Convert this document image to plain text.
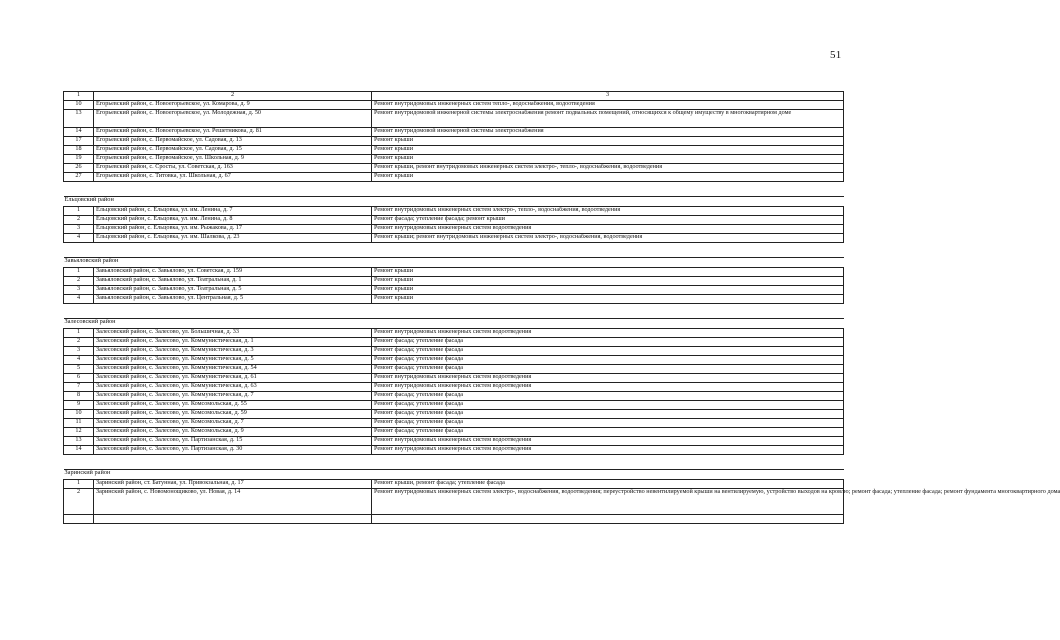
51
1	2	3
10	Егорьевский район, с. Новоегорьевское, ул. Комарова, д. 9	Ремонт внутридомовых инженерных систем тепло-, водоснабжения, водоотведения
13	Егорьевский район, с. Новоегорьевское, ул. Молодежная, д. 50	Ремонт внутридомовой инженерной системы электроснабжения ремонт подвальных помещений, относящихся к общему имуществу в многоквартирном доме
14	Егорьевский район, с. Новоегорьевское, ул. Решетникова, д. 81	Ремонт внутридомовой инженерной системы электроснабжения
17	Егорьевский район, с. Первомайское, ул. Садовая, д. 13	Ремонт крыши
18	Егорьевский район, с. Первомайское, ул. Садовая, д. 15	Ремонт крыши
19	Егорьевский район, с. Первомайское, ул. Школьная, д. 9	Ремонт крыши
26	Егорьевский район, с. Сросты, ул. Советская, д. 163	Ремонт крыши, ремонт внутридомовых инженерных систем электро-, тепло-, водоснабжения, водоотведения
27	Егорьевский район, с. Титовка, ул. Школьная, д. 67	Ремонт крыши

Ельцовский район		
1	Ельцовский район, с. Ельцовка, ул. им. Ленина, д. 7	Ремонт внутридомовых инженерных систем электро-, тепло-, водоснабжения, водоотведения
2	Ельцовский район, с. Ельцовка, ул. им. Ленина, д. 8	Ремонт фасада; утепление фасада; ремонт крыши
3	Ельцовский район, с. Ельцовка, ул. им. Рыжакова, д. 17	Ремонт внутридомовых инженерных систем водоотведения
4	Ельцовский район, с. Ельцовка, ул. им. Шалкова, д. 23	Ремонт крыши; ремонт внутридомовых инженерных систем электро-, водоснабжения, водоотведения

Завьяловский район		
1	Завьяловский район, с. Завьялово, ул. Советская, д. 159	Ремонт крыши
2	Завьяловский район, с. Завьялово, ул. Театральная, д. 1	Ремонт крыши
3	Завьяловский район, с. Завьялово, ул. Театральная, д. 5	Ремонт крыши
4	Завьяловский район, с. Завьялово, ул. Центральная, д. 5	Ремонт крыши

Залесовский район		
1	Залесовский район, с. Залесово, ул. Большичная, д. 33	Ремонт внутридомовых инженерных систем водоотведения
2	Залесовский район, с. Залесово, ул. Коммунистическая, д. 1	Ремонт фасада; утепление фасада
3	Залесовский район, с. Залесово, ул. Коммунистическая, д. 3	Ремонт фасада; утепление фасада
4	Залесовский район, с. Залесово, ул. Коммунистическая, д. 5	Ремонт фасада; утепление фасада
5	Залесовский район, с. Залесово, ул. Коммунистическая, д. 54	Ремонт фасада; утепление фасада
6	Залесовский район, с. Залесово, ул. Коммунистическая, д. 61	Ремонт внутридомовых инженерных систем водоотведения
7	Залесовский район, с. Залесово, ул. Коммунистическая, д. 63	Ремонт внутридомовых инженерных систем водоотведения
8	Залесовский район, с. Залесово, ул. Коммунистическая, д. 7	Ремонт фасада; утепление фасада
9	Залесовский район, с. Залесово, ул. Комсомольская, д. 55	Ремонт фасада; утепление фасада
10	Залесовский район, с. Залесово, ул. Комсомольская, д. 59	Ремонт фасада; утепление фасада
11	Залесовский район, с. Залесово, ул. Комсомольская, д. 7	Ремонт фасада; утепление фасада
12	Залесовский район, с. Залесово, ул. Комсомольская, д. 9	Ремонт фасада; утепление фасада
13	Залесовский район, с. Залесово, ул. Партизанская, д. 15	Ремонт внутридомовых инженерных систем водоотведения
14	Залесовский район, с. Залесово, ул. Партизанская, д. 30	Ремонт внутридомовых инженерных систем водоотведения

Заринский район		
1	Заринский район, ст. Батунная, ул. Привокзальная, д. 17	Ремонт крыши, ремонт фасада; утепление фасада
2	Заринский район, с. Новомонощиково, ул. Новая, д. 14	Ремонт внутридомовых инженерных систем электро-, водоснабжения, водоотведения; переустройство невентилируемой крыши на вентилируемую, устройство выходов на кровлю; ремонт фасада; утепление фасада; ремонт фундамента многоквартирного дома
